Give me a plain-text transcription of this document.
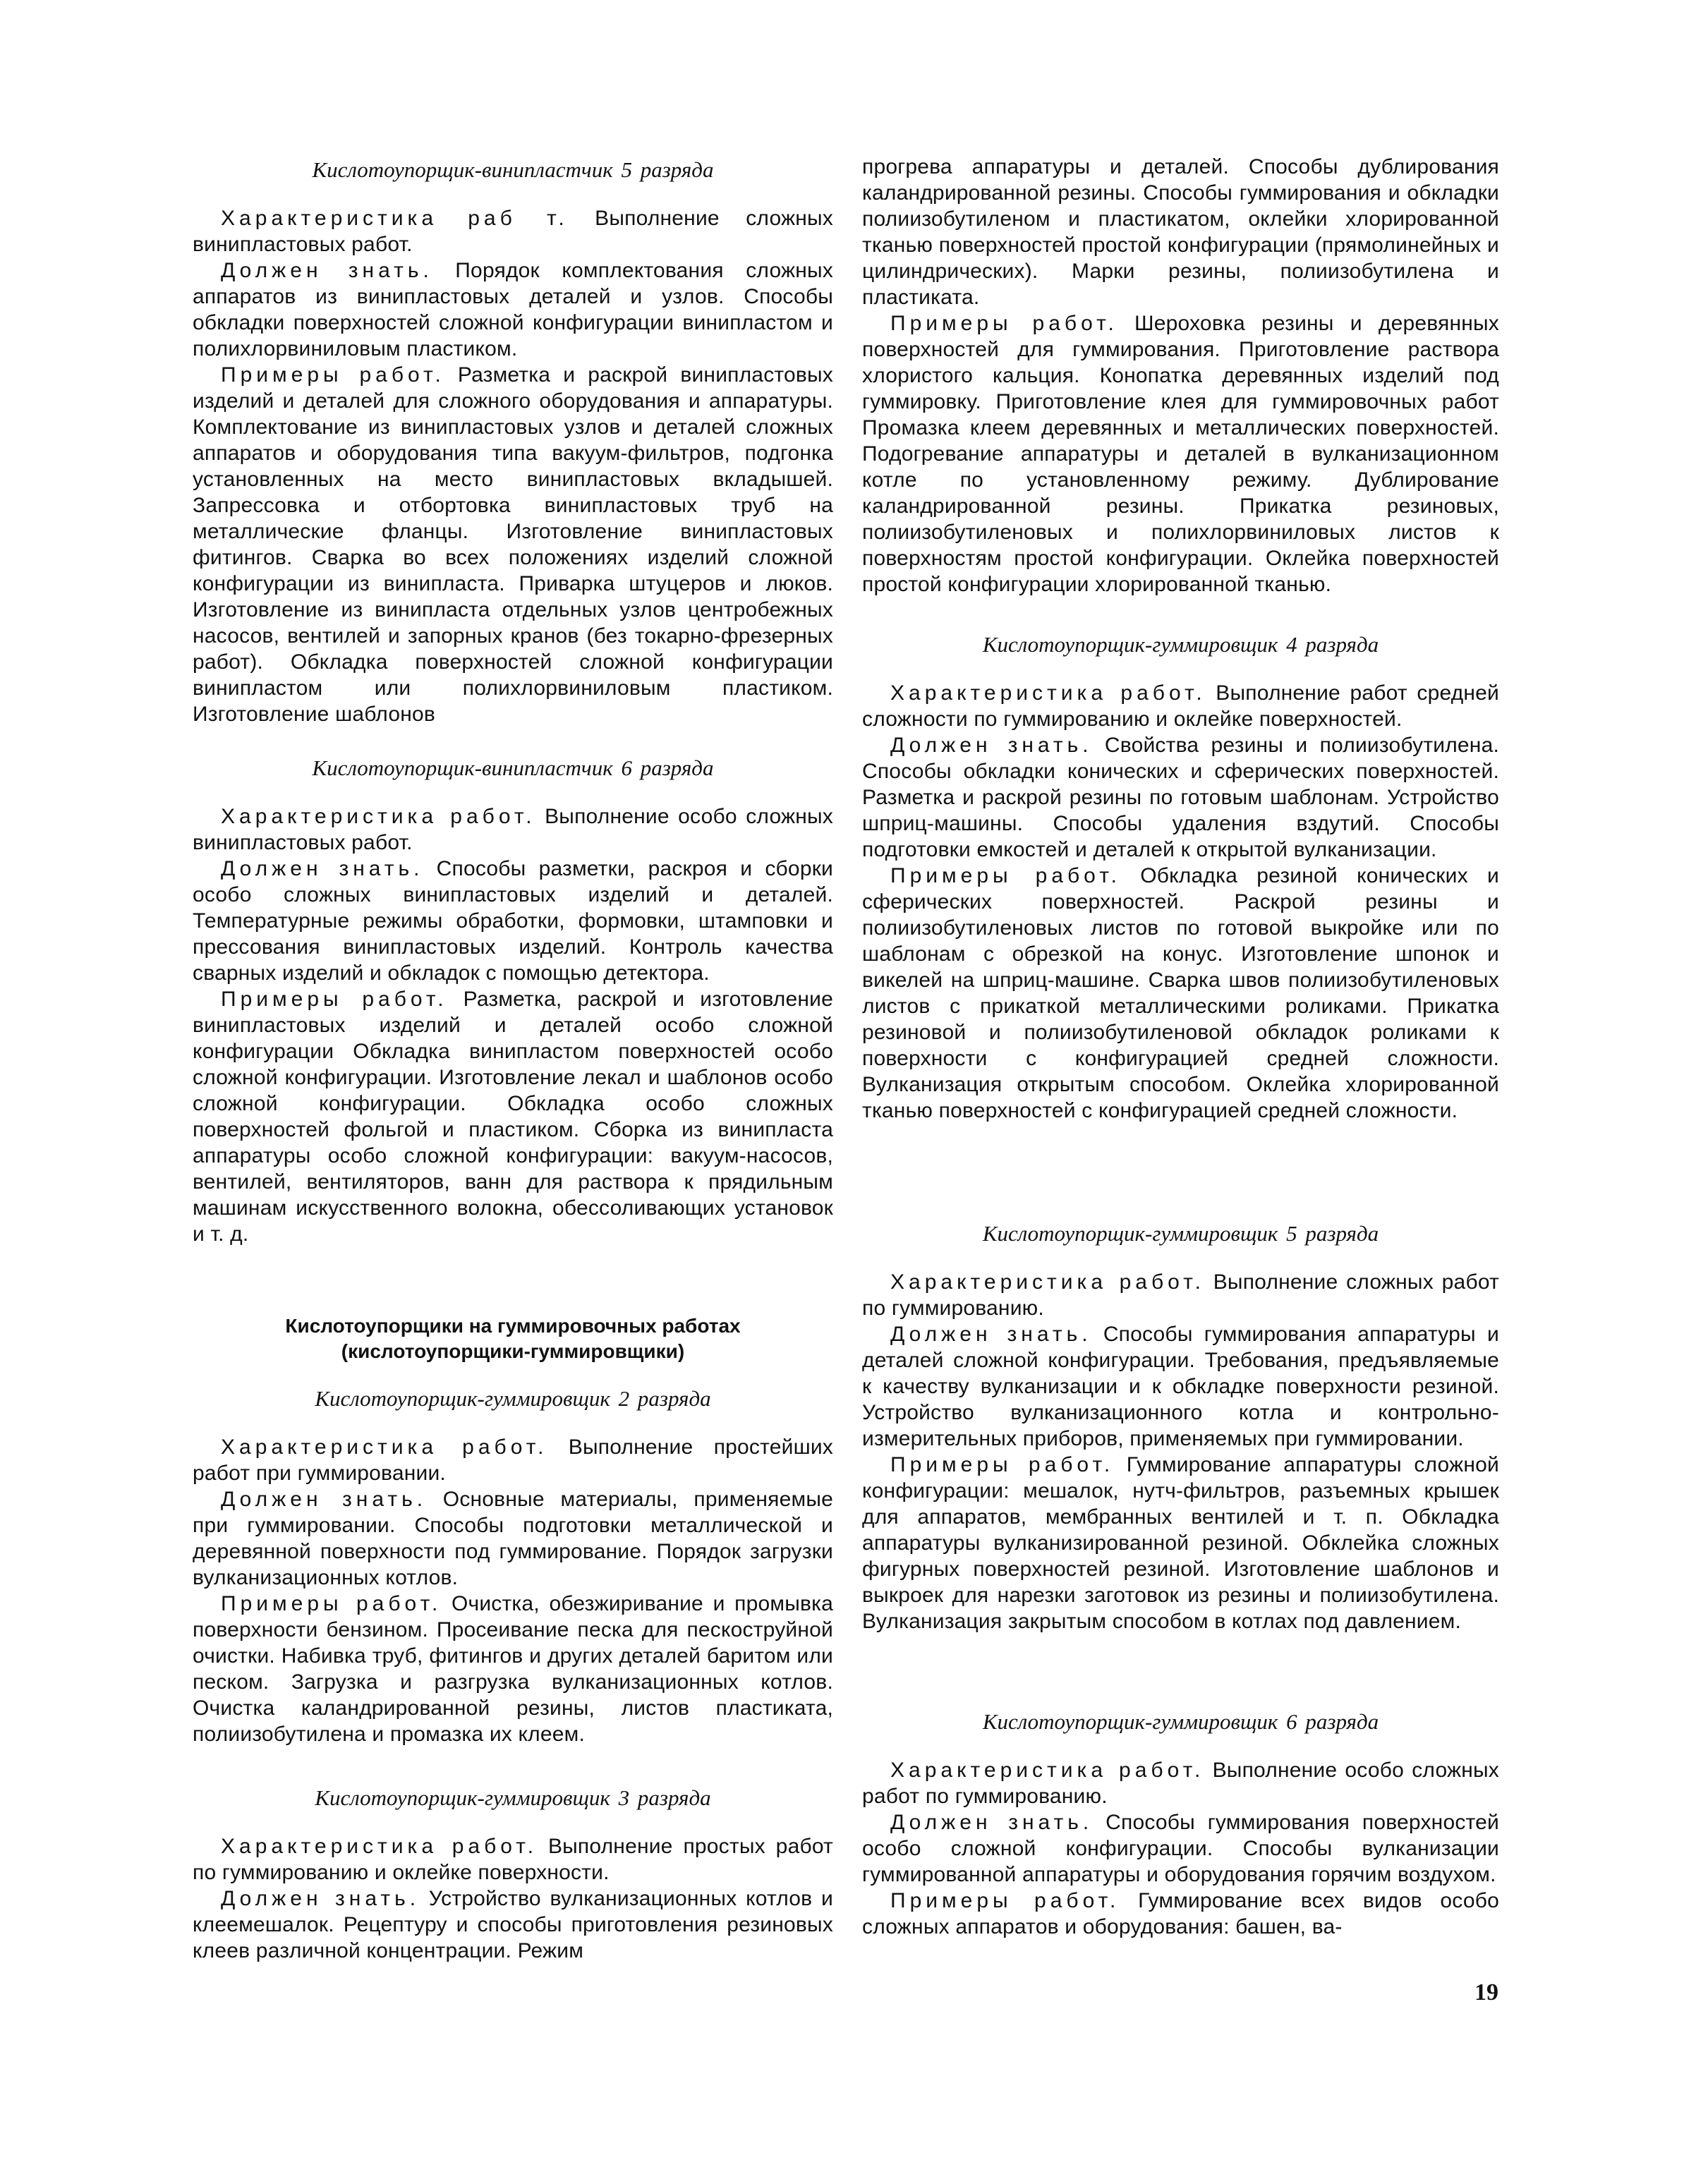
Кислотоупорщик-винипластчик 5 разряда

Характеристика раб т. Выполнение сложных винипластовых работ.

Должен знать. Порядок комплектования сложных аппаратов из винипластовых деталей и узлов. Способы обкладки поверхностей сложной конфигурации винипластом и полихлорвиниловым пластиком.

Примеры работ. Разметка и раскрой винипластовых изделий и деталей для сложного оборудования и аппаратуры. Комплектование из винипластовых узлов и деталей сложных аппаратов и оборудования типа вакуум-фильтров, подгонка установленных на место винипластовых вкладышей. Запрессовка и отбортовка винипластовых труб на металлические фланцы. Изготовление винипластовых фитингов. Сварка во всех положениях изделий сложной конфигурации из винипласта. Приварка штуцеров и люков. Изготовление из винипласта отдельных узлов центробежных насосов, вентилей и запорных кранов (без токарно-фрезерных работ). Обкладка поверхностей сложной конфигурации винипластом или полихлорвиниловым пластиком. Изготовление шаблонов

Кислотоупорщик-винипластчик 6 разряда

Характеристика работ. Выполнение особо сложных винипластовых работ.

Должен знать. Способы разметки, раскроя и сборки особо сложных винипластовых изделий и деталей. Температурные режимы обработки, формовки, штамповки и прессования винипластовых изделий. Контроль качества сварных изделий и обкладок с помощью детектора.

Примеры работ. Разметка, раскрой и изготовление винипластовых изделий и деталей особо сложной конфигурации Обкладка винипластом поверхностей особо сложной конфигурации. Изготовление лекал и шаблонов особо сложной конфигурации. Обкладка особо сложных поверхностей фольгой и пластиком. Сборка из винипласта аппаратуры особо сложной конфигурации: вакуум-насосов, вентилей, вентиляторов, ванн для раствора к прядильным машинам искусственного волокна, обессоливающих установок и т. д.

Кислотоупорщики на гуммировочных работах (кислотоупорщики-гуммировщики)
Кислотоупорщик-гуммировщик 2 разряда

Характеристика работ. Выполнение простейших работ при гуммировании.

Должен знать. Основные материалы, применяемые при гуммировании. Способы подготовки металлической и деревянной поверхности под гуммирование. Порядок загрузки вулканизационных котлов.

Примеры работ. Очистка, обезжиривание и промывка поверхности бензином. Просеивание песка для пескоструйной очистки. Набивка труб, фитингов и других деталей баритом или песком. Загрузка и разгрузка вулканизационных котлов. Очистка каландрированной резины, листов пластиката, полиизобутилена и промазка их клеем.

Кислотоупорщик-гуммировщик 3 разряда

Характеристика работ. Выполнение простых работ по гуммированию и оклейке поверхности.

Должен знать. Устройство вулканизационных котлов и клеемешалок. Рецептуру и способы приготовления резиновых клеев различной концентрации. Режим

прогрева аппаратуры и деталей. Способы дублирования каландрированной резины. Способы гуммирования и обкладки полиизобутиленом и пластикатом, оклейки хлорированной тканью поверхностей простой конфигурации (прямолинейных и цилиндрических). Марки резины, полиизобутилена и пластиката.

Примеры работ. Шероховка резины и деревянных поверхностей для гуммирования. Приготовление раствора хлористого кальция. Конопатка деревянных изделий под гуммировку. Приготовление клея для гуммировочных работ Промазка клеем деревянных и металлических поверхностей. Подогревание аппаратуры и деталей в вулканизационном котле по установленному режиму. Дублирование каландрированной резины. Прикатка резиновых, полиизобутиленовых и полихлорвиниловых листов к поверхностям простой конфигурации. Оклейка поверхностей простой конфигурации хлорированной тканью.

Кислотоупорщик-гуммировщик 4 разряда

Характеристика работ. Выполнение работ средней сложности по гуммированию и оклейке поверхностей.

Должен знать. Свойства резины и полиизобутилена. Способы обкладки конических и сферических поверхностей. Разметка и раскрой резины по готовым шаблонам. Устройство шприц-машины. Способы удаления вздутий. Способы подготовки емкостей и деталей к открытой вулканизации.

Примеры работ. Обкладка резиной конических и сферических поверхностей. Раскрой резины и полиизобутиленовых листов по готовой выкройке или по шаблонам с обрезкой на конус. Изготовление шпонок и викелей на шприц-машине. Сварка швов полиизобутиленовых листов с прикаткой металлическими роликами. Прикатка резиновой и полиизобутиленовой обкладок роликами к поверхности с конфигурацией средней сложности. Вулканизация открытым способом. Оклейка хлорированной тканью поверхностей с конфигурацией средней сложности.

Кислотоупорщик-гуммировщик 5 разряда

Характеристика работ. Выполнение сложных работ по гуммированию.

Должен знать. Способы гуммирования аппаратуры и деталей сложной конфигурации. Требования, предъявляемые к качеству вулканизации и к обкладке поверхности резиной. Устройство вулканизационного котла и контрольно-измерительных приборов, применяемых при гуммировании.

Примеры работ. Гуммирование аппаратуры сложной конфигурации: мешалок, нутч-фильтров, разъемных крышек для аппаратов, мембранных вентилей и т. п. Обкладка аппаратуры вулканизированной резиной. Обклейка сложных фигурных поверхностей резиной. Изготовление шаблонов и выкроек для нарезки заготовок из резины и полиизобутилена. Вулканизация закрытым способом в котлах под давлением.

Кислотоупорщик-гуммировщик 6 разряда

Характеристика работ. Выполнение особо сложных работ по гуммированию.

Должен знать. Способы гуммирования поверхностей особо сложной конфигурации. Способы вулканизации гуммированной аппаратуры и оборудования горячим воздухом.

Примеры работ. Гуммирование всех видов особо сложных аппаратов и оборудования: башен, ва-

19
